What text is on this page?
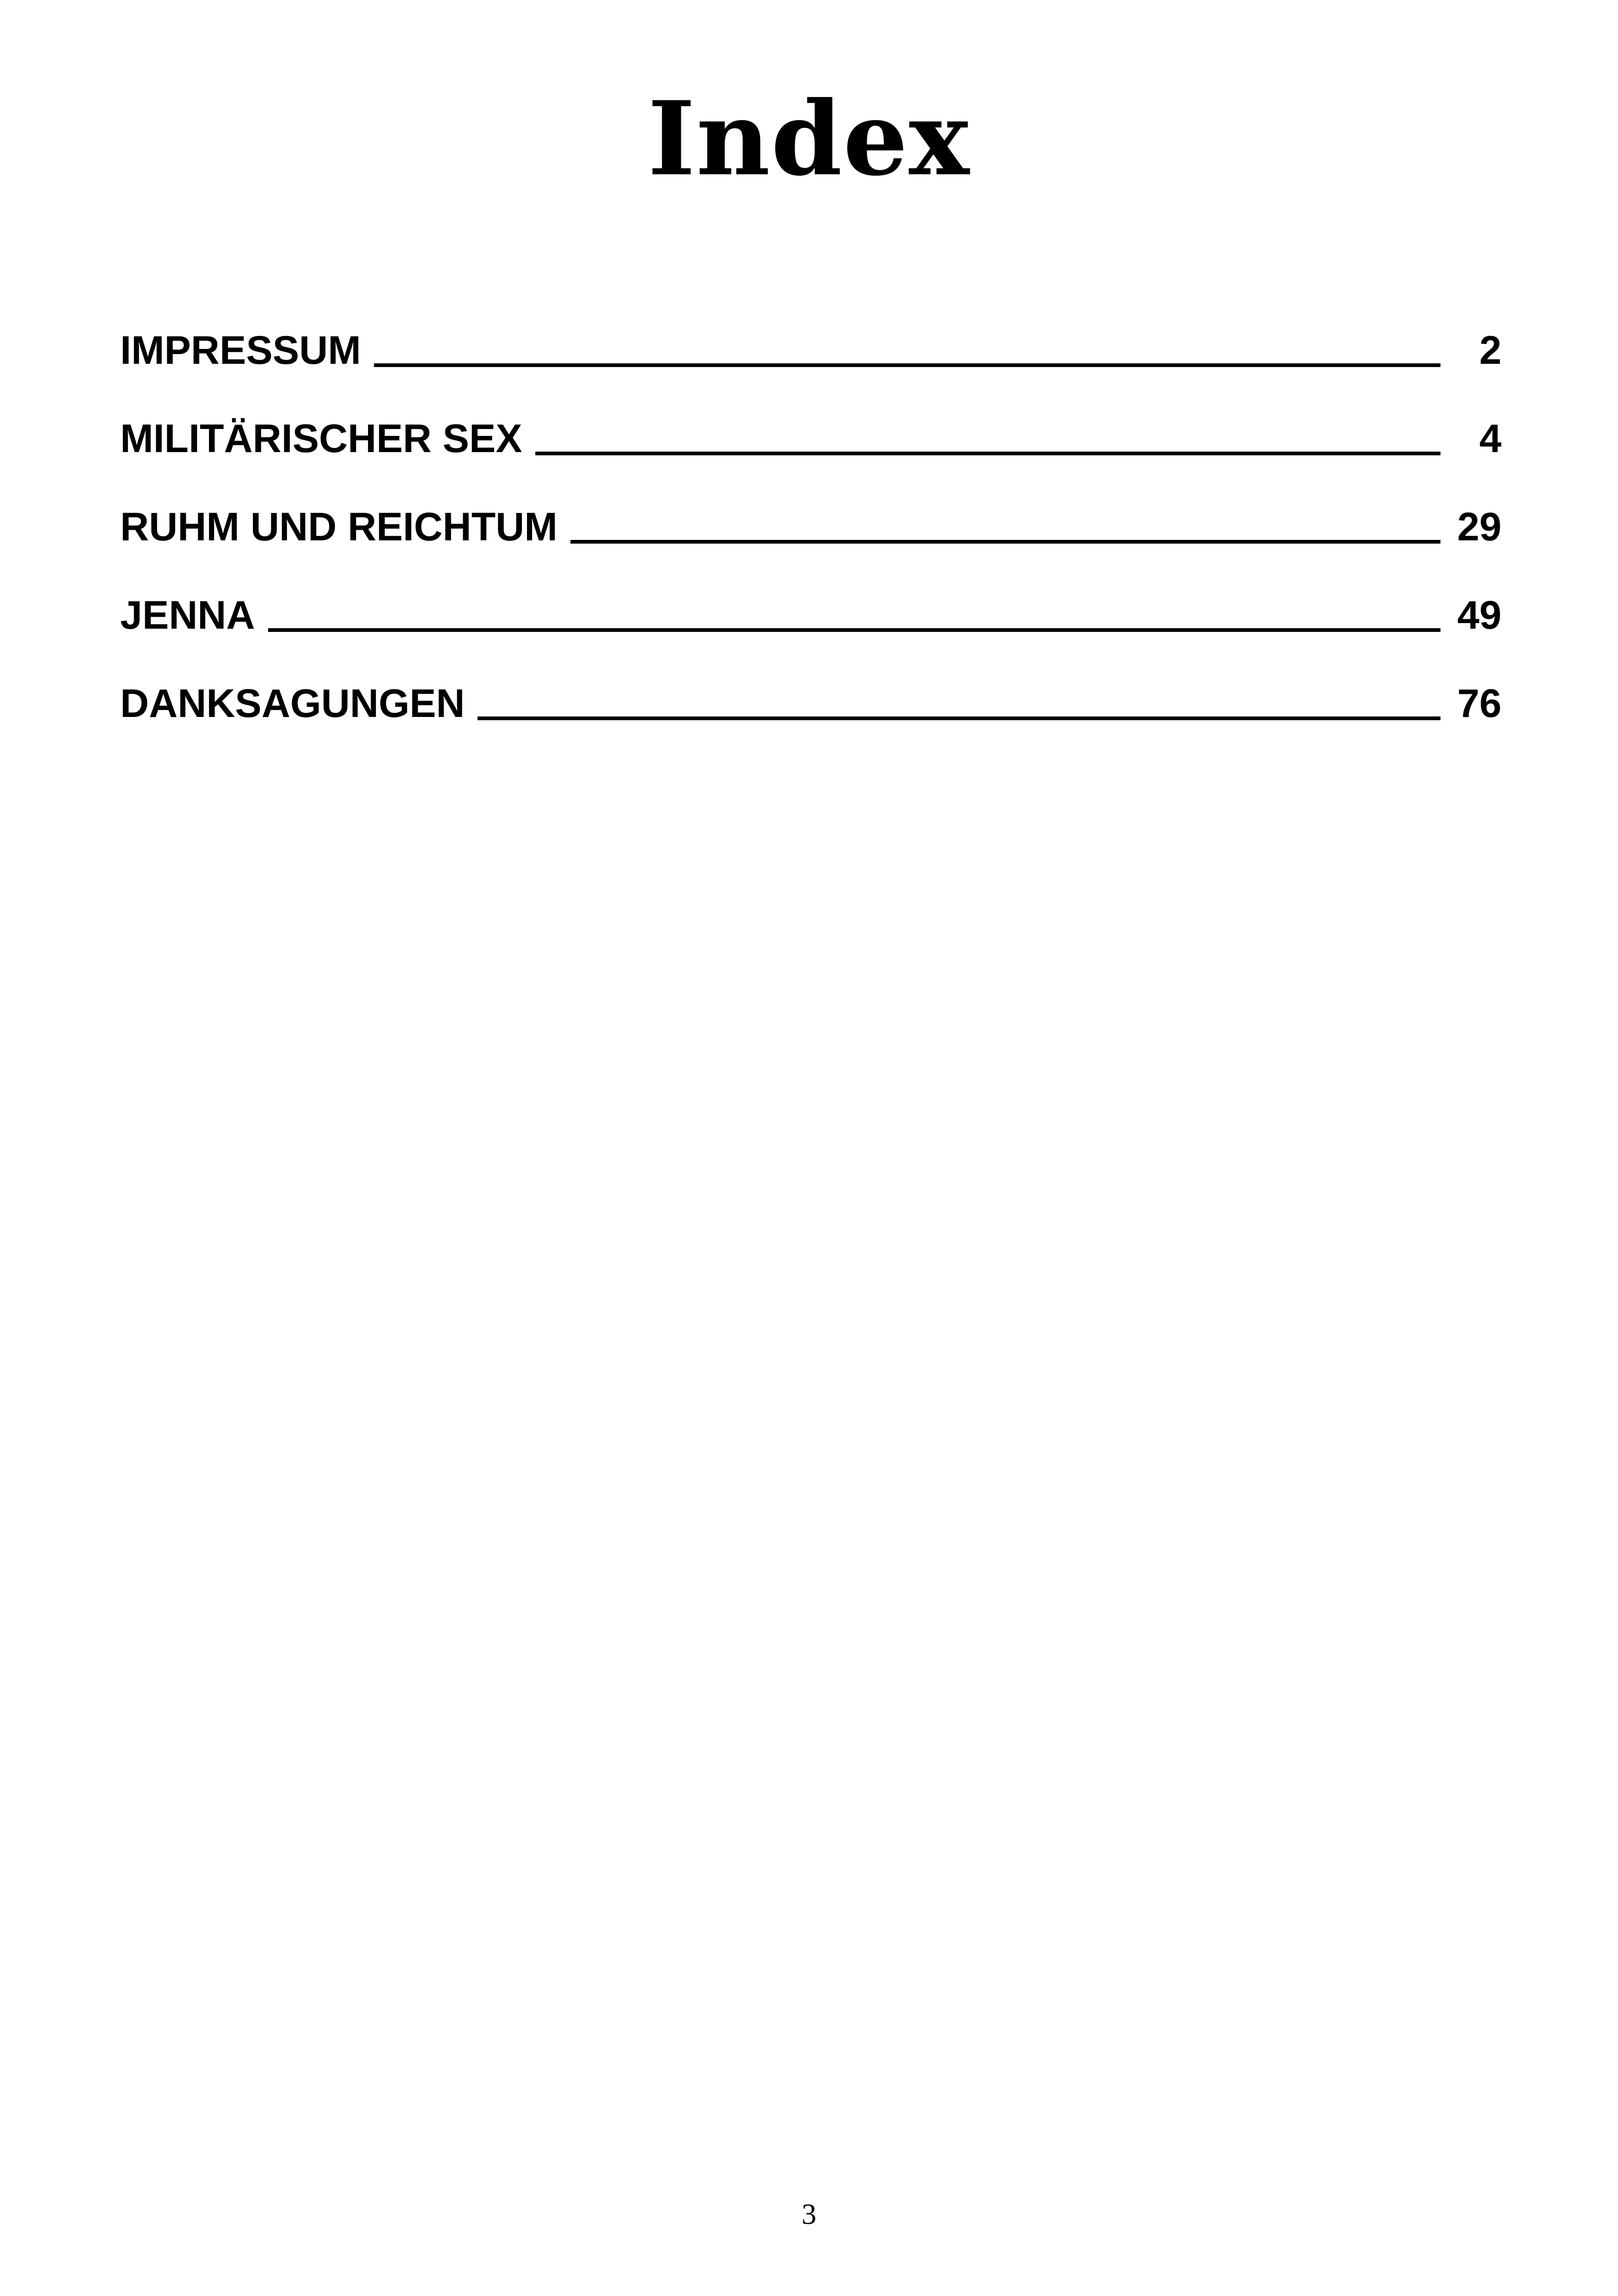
Index
IMPRESSUM	2
MILITÄRISCHER SEX	4
RUHM UND REICHTUM	29
JENNA	49
DANKSAGUNGEN	76
3
